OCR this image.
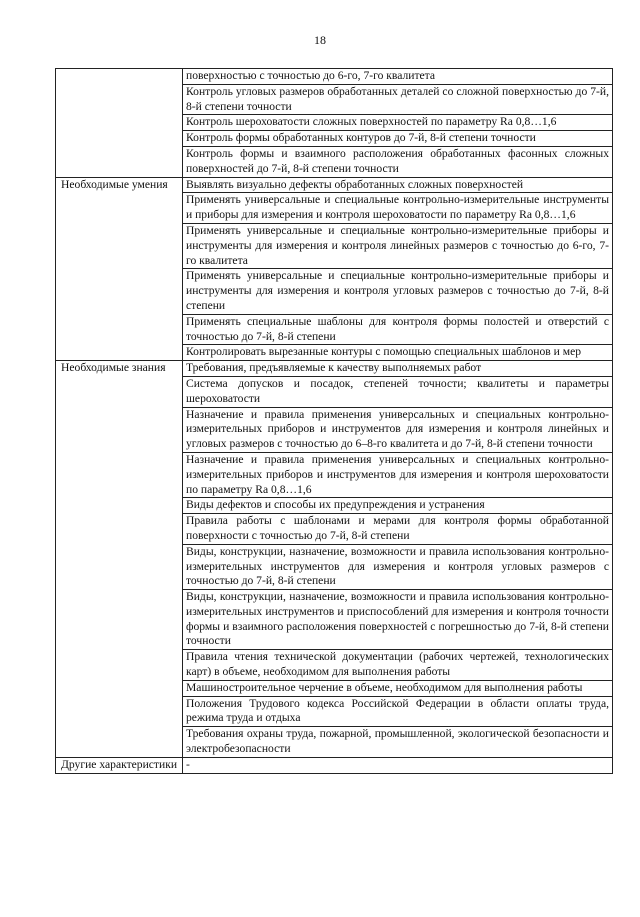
18
	поверхностью с точностью до 6-го, 7-го квалитета
	Контроль угловых размеров обработанных деталей со сложной поверхностью до 7-й, 8-й степени точности
	Контроль шероховатости сложных поверхностей по параметру Ra 0,8…1,6
	Контроль формы обработанных контуров до 7-й, 8-й степени точности
	Контроль формы и взаимного расположения обработанных фасонных сложных поверхностей до 7-й, 8-й степени точности
Необходимые умения	Выявлять визуально дефекты обработанных сложных поверхностей
	Применять универсальные и специальные контрольно-измерительные инструменты и приборы для измерения и контроля шероховатости по параметру Ra 0,8…1,6
	Применять универсальные и специальные контрольно-измерительные приборы и инструменты для измерения и контроля линейных размеров с точностью до 6-го, 7-го квалитета
	Применять универсальные и специальные контрольно-измерительные приборы и инструменты для измерения и контроля угловых размеров с точностью до 7-й, 8-й степени
	Применять специальные шаблоны для контроля формы полостей и отверстий с точностью до 7-й, 8-й степени
	Контролировать вырезанные контуры с помощью специальных шаблонов и мер
Необходимые знания	Требования, предъявляемые к качеству выполняемых работ
	Система допусков и посадок, степеней точности; квалитеты и параметры шероховатости
	Назначение и правила применения универсальных и специальных контрольно-измерительных приборов и инструментов для измерения и контроля линейных и угловых размеров с точностью до 6–8-го квалитета и до 7-й, 8-й степени точности
	Назначение и правила применения универсальных и специальных контрольно-измерительных приборов и инструментов для измерения и контроля шероховатости по параметру Ra 0,8…1,6
	Виды дефектов и способы их предупреждения и устранения
	Правила работы с шаблонами и мерами для контроля формы обработанной поверхности с точностью до 7-й, 8-й степени
	Виды, конструкции, назначение, возможности и правила использования контрольно-измерительных инструментов для измерения и контроля угловых размеров с точностью до 7-й, 8-й степени
	Виды, конструкции, назначение, возможности и правила использования контрольно-измерительных инструментов и приспособлений для измерения и контроля точности формы и взаимного расположения поверхностей с погрешностью до 7-й, 8-й степени точности
	Правила чтения технической документации (рабочих чертежей, технологических карт) в объеме, необходимом для выполнения работы
	Машиностроительное черчение в объеме, необходимом для выполнения работы
	Положения Трудового кодекса Российской Федерации в области оплаты труда, режима труда и отдыха
	Требования охраны труда, пожарной, промышленной, экологической безопасности и электробезопасности
Другие характеристики	-
